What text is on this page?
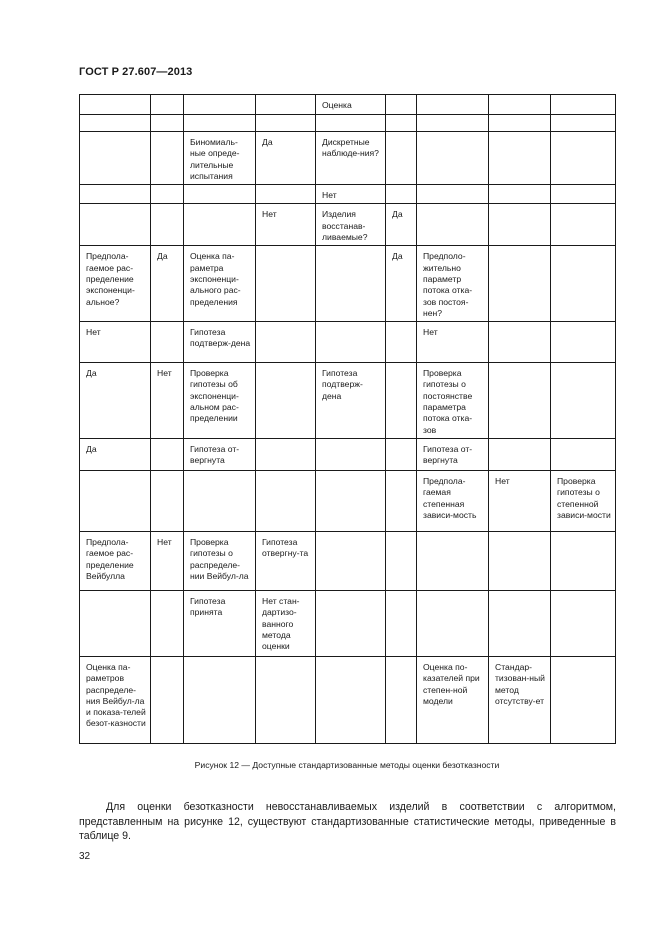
ГОСТ Р 27.607—2013
				Оценка				

		Биномиаль-ные опреде-лительные испытания	Да	Дискретные наблюде-ния?				
				Нет				
			Нет	Изделия восстанав-ливаемые?	Да			
Предпола-гаемое рас-пределение экспоненци-альное?	Да	Оценка па-раметра экспоненци-ального рас-пределения			Да	Предполо-жительно параметр потока отка-зов постоя-нен?		
Нет		Гипотеза подтверж-дена				Нет		
Да	Нет	Проверка гипотезы об экспоненци-альном рас-пределении		Гипотеза подтверж-дена		Проверка гипотезы о постоянстве параметра потока отка-зов		
Да		Гипотеза от-вергнута				Гипотеза от-вергнута		
						Предпола-гаемая степенная зависи-мость	Нет	Проверка гипотезы о степенной зависи-мости
Предпола-гаемое рас-пределение Вейбулла	Нет	Проверка гипотезы о распределе-нии Вейбул-ла	Гипотеза отвергну-та					
		Гипотеза принята	Нет стан-дартизо-ванного метода оценки					
Оценка па-раметров распределе-ния Вейбул-ла и показа-телей безот-казности						Оценка по-казателей при степен-ной модели	Стандар-тизован-ный метод отсутству-ет	
Рисунок 12 — Доступные стандартизованные методы оценки безотказности
Для оценки безотказности невосстанавливаемых изделий в соответствии с алгоритмом, представленным на рисунке 12, существуют стандартизованные статистические методы, приведенные в таблице 9.
32
